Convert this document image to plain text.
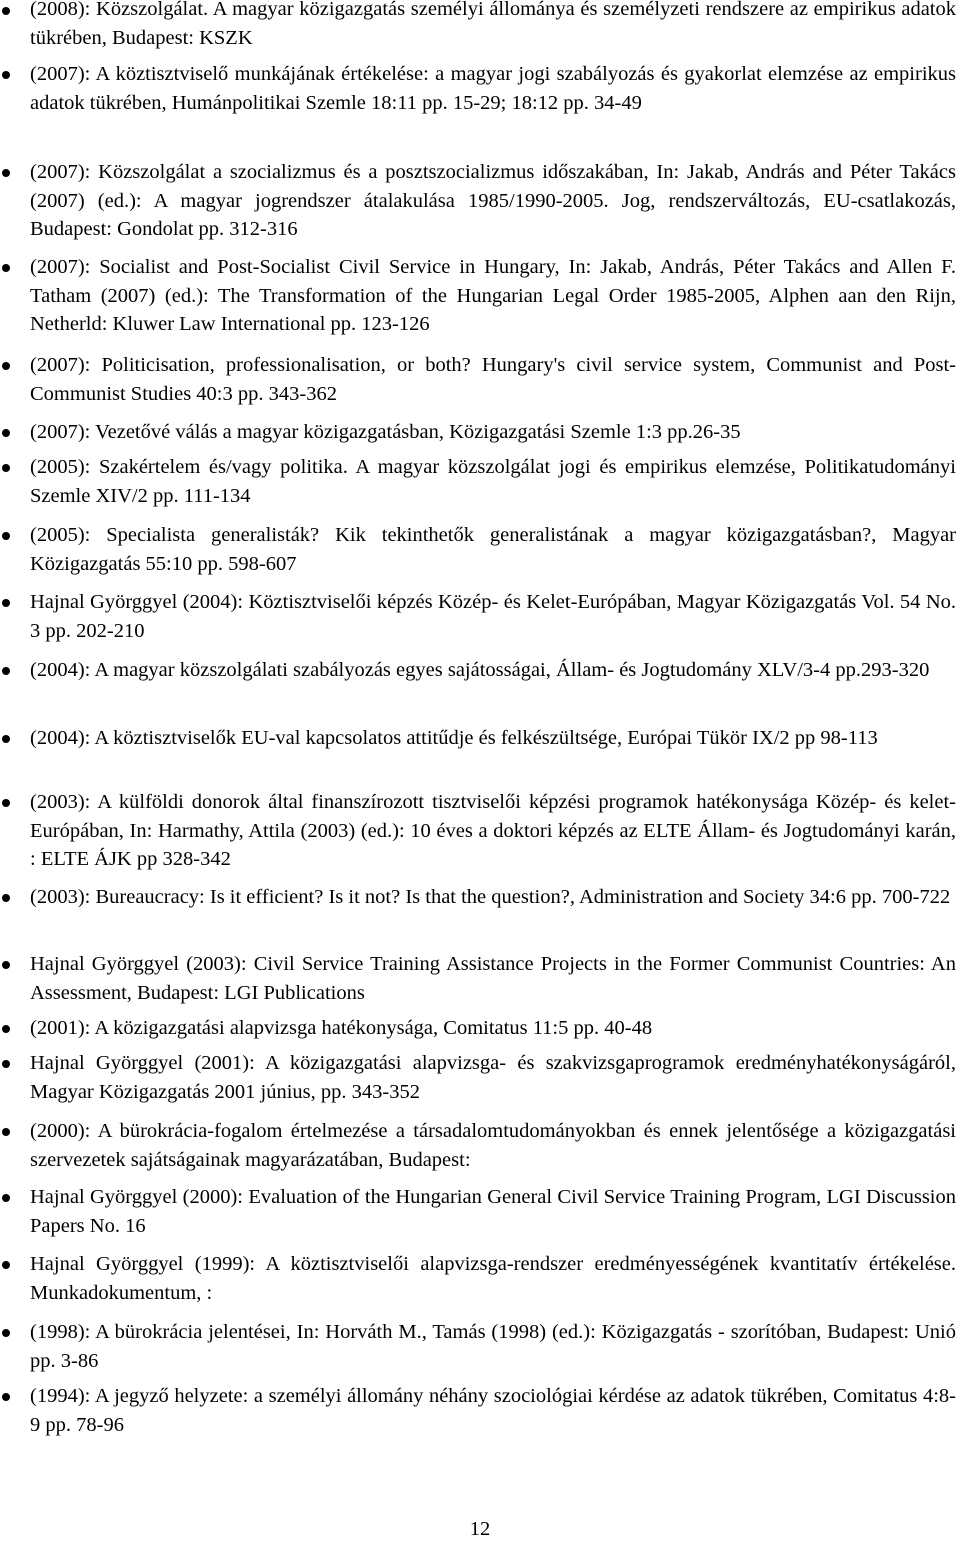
(2008): Közszolgálat. A magyar közigazgatás személyi állománya és személyzeti rendszere az empirikus adatok tükrében, Budapest: KSZK

(2007): A köztisztviselő munkájának értékelése: a magyar jogi szabályozás és gyakorlat elemzése az empirikus adatok tükrében, Humánpolitikai Szemle 18:11 pp. 15-29; 18:12 pp. 34-49

(2007): Közszolgálat a szocializmus és a posztszocializmus időszakában, In: Jakab, András and Péter Takács (2007) (ed.): A magyar jogrendszer átalakulása 1985/1990-2005. Jog, rendszerváltozás, EU-csatlakozás, Budapest: Gondolat pp. 312-316

(2007): Socialist and Post-Socialist Civil Service in Hungary, In: Jakab, András, Péter Takács and Allen F. Tatham (2007) (ed.): The Transformation of the Hungarian Legal Order 1985-2005, Alphen aan den Rijn, Netherld: Kluwer Law International pp. 123-126

(2007): Politicisation, professionalisation, or both? Hungary's civil service system, Communist and Post-Communist Studies 40:3 pp. 343-362

(2007): Vezetővé válás a magyar közigazgatásban, Közigazgatási Szemle 1:3 pp.26-35

(2005): Szakértelem és/vagy politika. A magyar közszolgálat jogi és empirikus elemzése, Politikatudományi Szemle XIV/2 pp. 111-134

(2005): Specialista generalisták? Kik tekinthetők generalistának a magyar közigazgatásban?, Magyar Közigazgatás 55:10 pp. 598-607

Hajnal Györggyel (2004): Köztisztviselői képzés Közép- és Kelet-Európában, Magyar Közigazgatás Vol. 54 No. 3 pp. 202-210

(2004): A magyar közszolgálati szabályozás egyes sajátosságai, Állam- és Jogtudomány XLV/3-4 pp.293-320

(2004): A köztisztviselők EU-val kapcsolatos attitűdje és felkészültsége, Európai Tükör IX/2 pp 98-113

(2003): A külföldi donorok által finanszírozott tisztviselői képzési programok hatékonysága Közép- és kelet-Európában, In: Harmathy, Attila (2003) (ed.): 10 éves a doktori képzés az ELTE Állam- és Jogtudományi karán, : ELTE ÁJK pp 328-342

(2003): Bureaucracy: Is it efficient? Is it not? Is that the question?, Administration and Society 34:6 pp. 700-722

Hajnal Györggyel (2003): Civil Service Training Assistance Projects in the Former Communist Countries: An Assessment, Budapest: LGI Publications

(2001): A közigazgatási alapvizsga hatékonysága, Comitatus 11:5 pp. 40-48

Hajnal Györggyel (2001): A közigazgatási alapvizsga- és szakvizsgaprogramok eredményhatékonyságáról, Magyar Közigazgatás 2001 június, pp. 343-352

(2000): A bürokrácia-fogalom értelmezése a társadalomtudományokban és ennek jelentősége a közigazgatási szervezetek sajátságainak magyarázatában, Budapest:

Hajnal Györggyel (2000): Evaluation of the Hungarian General Civil Service Training Program, LGI Discussion Papers No. 16

Hajnal Györggyel (1999): A köztisztviselői alapvizsga-rendszer eredményességének kvantitatív értékelése. Munkadokumentum, :

(1998): A bürokrácia jelentései, In: Horváth M., Tamás (1998) (ed.): Közigazgatás - szorítóban, Budapest: Unió pp. 3-86

(1994): A jegyző helyzete: a személyi állomány néhány szociológiai kérdése az adatok tükrében, Comitatus 4:8-9 pp. 78-96

12
